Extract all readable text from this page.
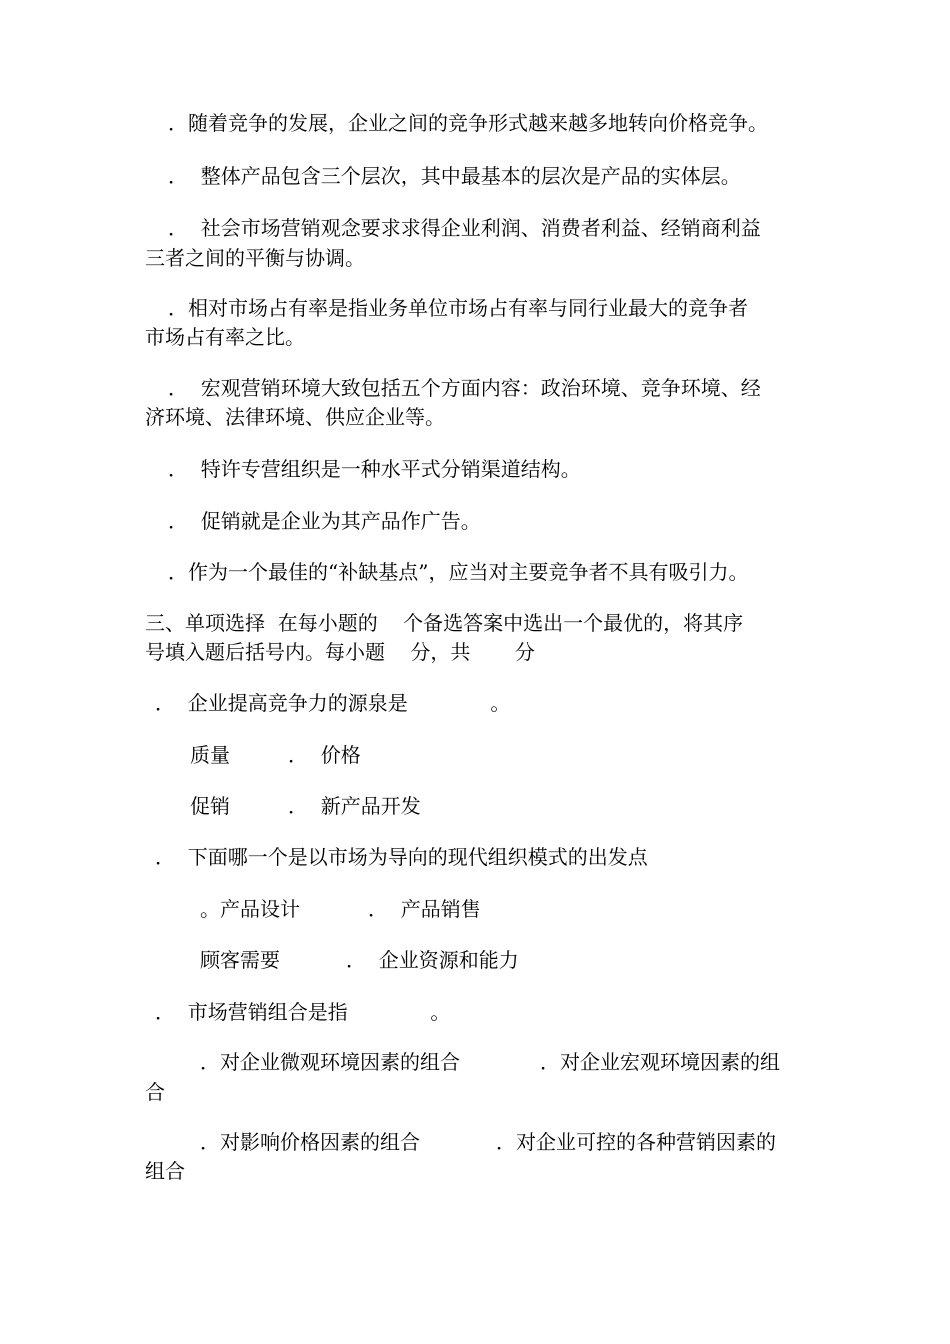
．随着竞争的发展，企业之间的竞争形式越来越多地转向价格竞争。

．  整体产品包含三个层次，其中最基本的层次是产品的实体层。

．  社会市场营销观念要求求得企业利润、消费者利益、经销商利益

三者之间的平衡与协调。

．相对市场占有率是指业务单位市场占有率与同行业最大的竞争者

市场占有率之比。

．  宏观营销环境大致包括五个方面内容：政治环境、竞争环境、经

济环境、法律环境、供应企业等。

．  特许专营组织是一种水平式分销渠道结构。

．  促销就是企业为其产品作广告。

．作为一个最佳的“补缺基点”，应当对主要竞争者不具有吸引力。

三、单项选择  在每小题的    个备选答案中选出一个最优的，将其序

号填入题后括号内。每小题    分，共       分

．  企业提高竞争力的源泉是             。

质量	．  价格

促销	．  新产品开发

．  下面哪一个是以市场为导向的现代组织模式的出发点

。产品设计	．  产品销售

顾客需要	．  企业资源和能力

．  市场营销组合是指             。

．对企业微观环境因素的组合	．对企业宏观环境因素的组

合

．对影响价格因素的组合	．对企业可控的各种营销因素的

组合
